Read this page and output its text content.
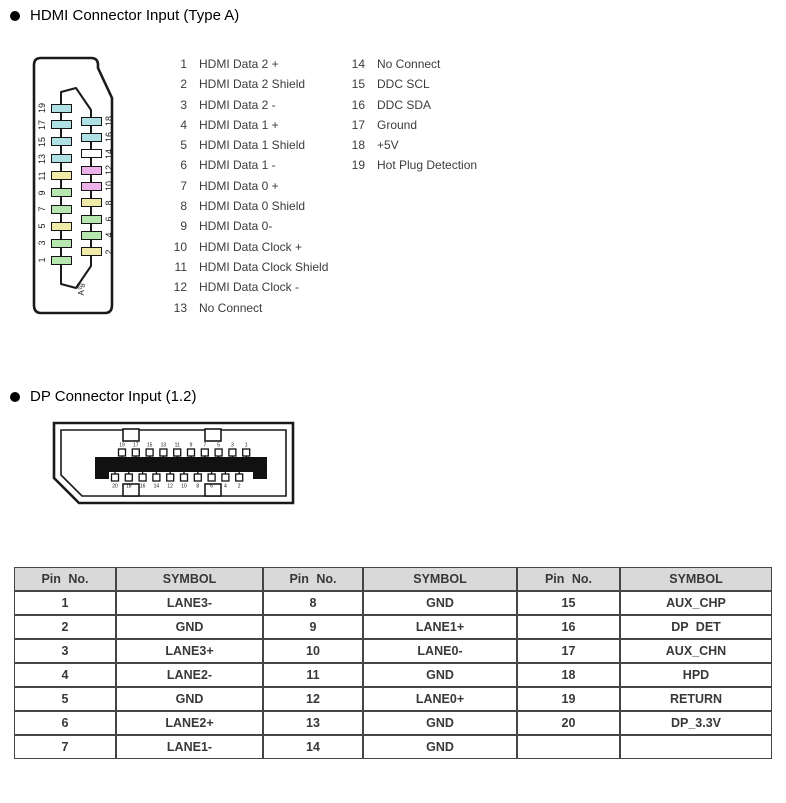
HDMI Connector Input (Type A)
19
17
15
13
11
9
7
5
3
1
18
16
14
12
10
8
6
4
2
A형
1 HDMI Data 2 +
2 HDMI Data 2 Shield
3 HDMI Data 2 -
4 HDMI Data 1 +
5 HDMI Data 1 Shield
6 HDMI Data 1 -
7 HDMI Data 0 +
8 HDMI Data 0 Shield
9 HDMI Data 0-
10 HDMI Data Clock +
11 HDMI Data Clock Shield
12 HDMI Data Clock -
13 No Connect
14 No Connect
15 DDC SCL
16 DDC SDA
17 Ground
18 +5V
19 Hot Plug Detection
DP Connector Input (1.2)
19 17 15 13 11 9 7 5 3 1
20 18 16 14 12 10 8 6 4 2
Pin No.	SYMBOL	Pin No.	SYMBOL	Pin No.	SYMBOL
1	LANE3-	8	GND	15	AUX_CHP
2	GND	9	LANE1+	16	DP DET
3	LANE3+	10	LANE0-	17	AUX_CHN
4	LANE2-	11	GND	18	HPD
5	GND	12	LANE0+	19	RETURN
6	LANE2+	13	GND	20	DP_3.3V
7	LANE1-	14	GND		
